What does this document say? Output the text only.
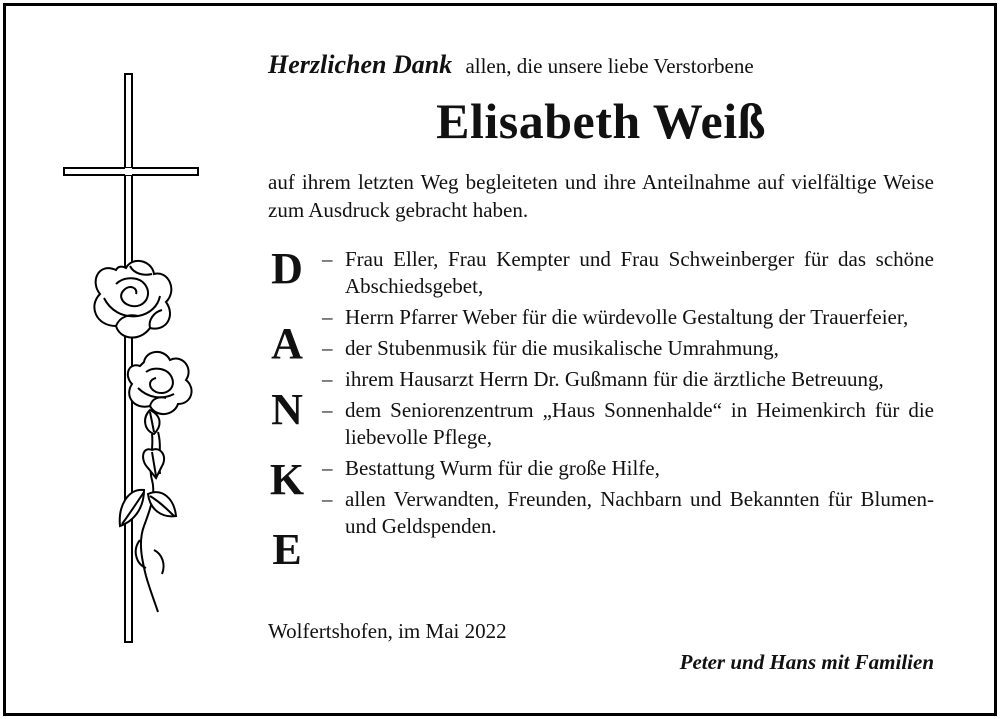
Herzlichen Dank allen, die unsere liebe Verstorbene
Elisabeth Weiß
auf ihrem letzten Weg begleiteten und ihre Anteilnahme auf vielfältige Weise zum Ausdruck gebracht haben.
D
A
N
K
E
– Frau Eller, Frau Kempter und Frau Schweinberger für das schöne Abschiedsgebet,
– Herrn Pfarrer Weber für die würdevolle Gestaltung der Trauerfeier,
– der Stubenmusik für die musikalische Umrahmung,
– ihrem Hausarzt Herrn Dr. Gußmann für die ärztliche Betreuung,
– dem Seniorenzentrum „Haus Sonnenhalde“ in Heimenkirch für die liebevolle Pflege,
– Bestattung Wurm für die große Hilfe,
– allen Verwandten, Freunden, Nachbarn und Bekannten für Blumen- und Geldspenden.
Wolfertshofen, im Mai 2022
Peter und Hans mit Familien
